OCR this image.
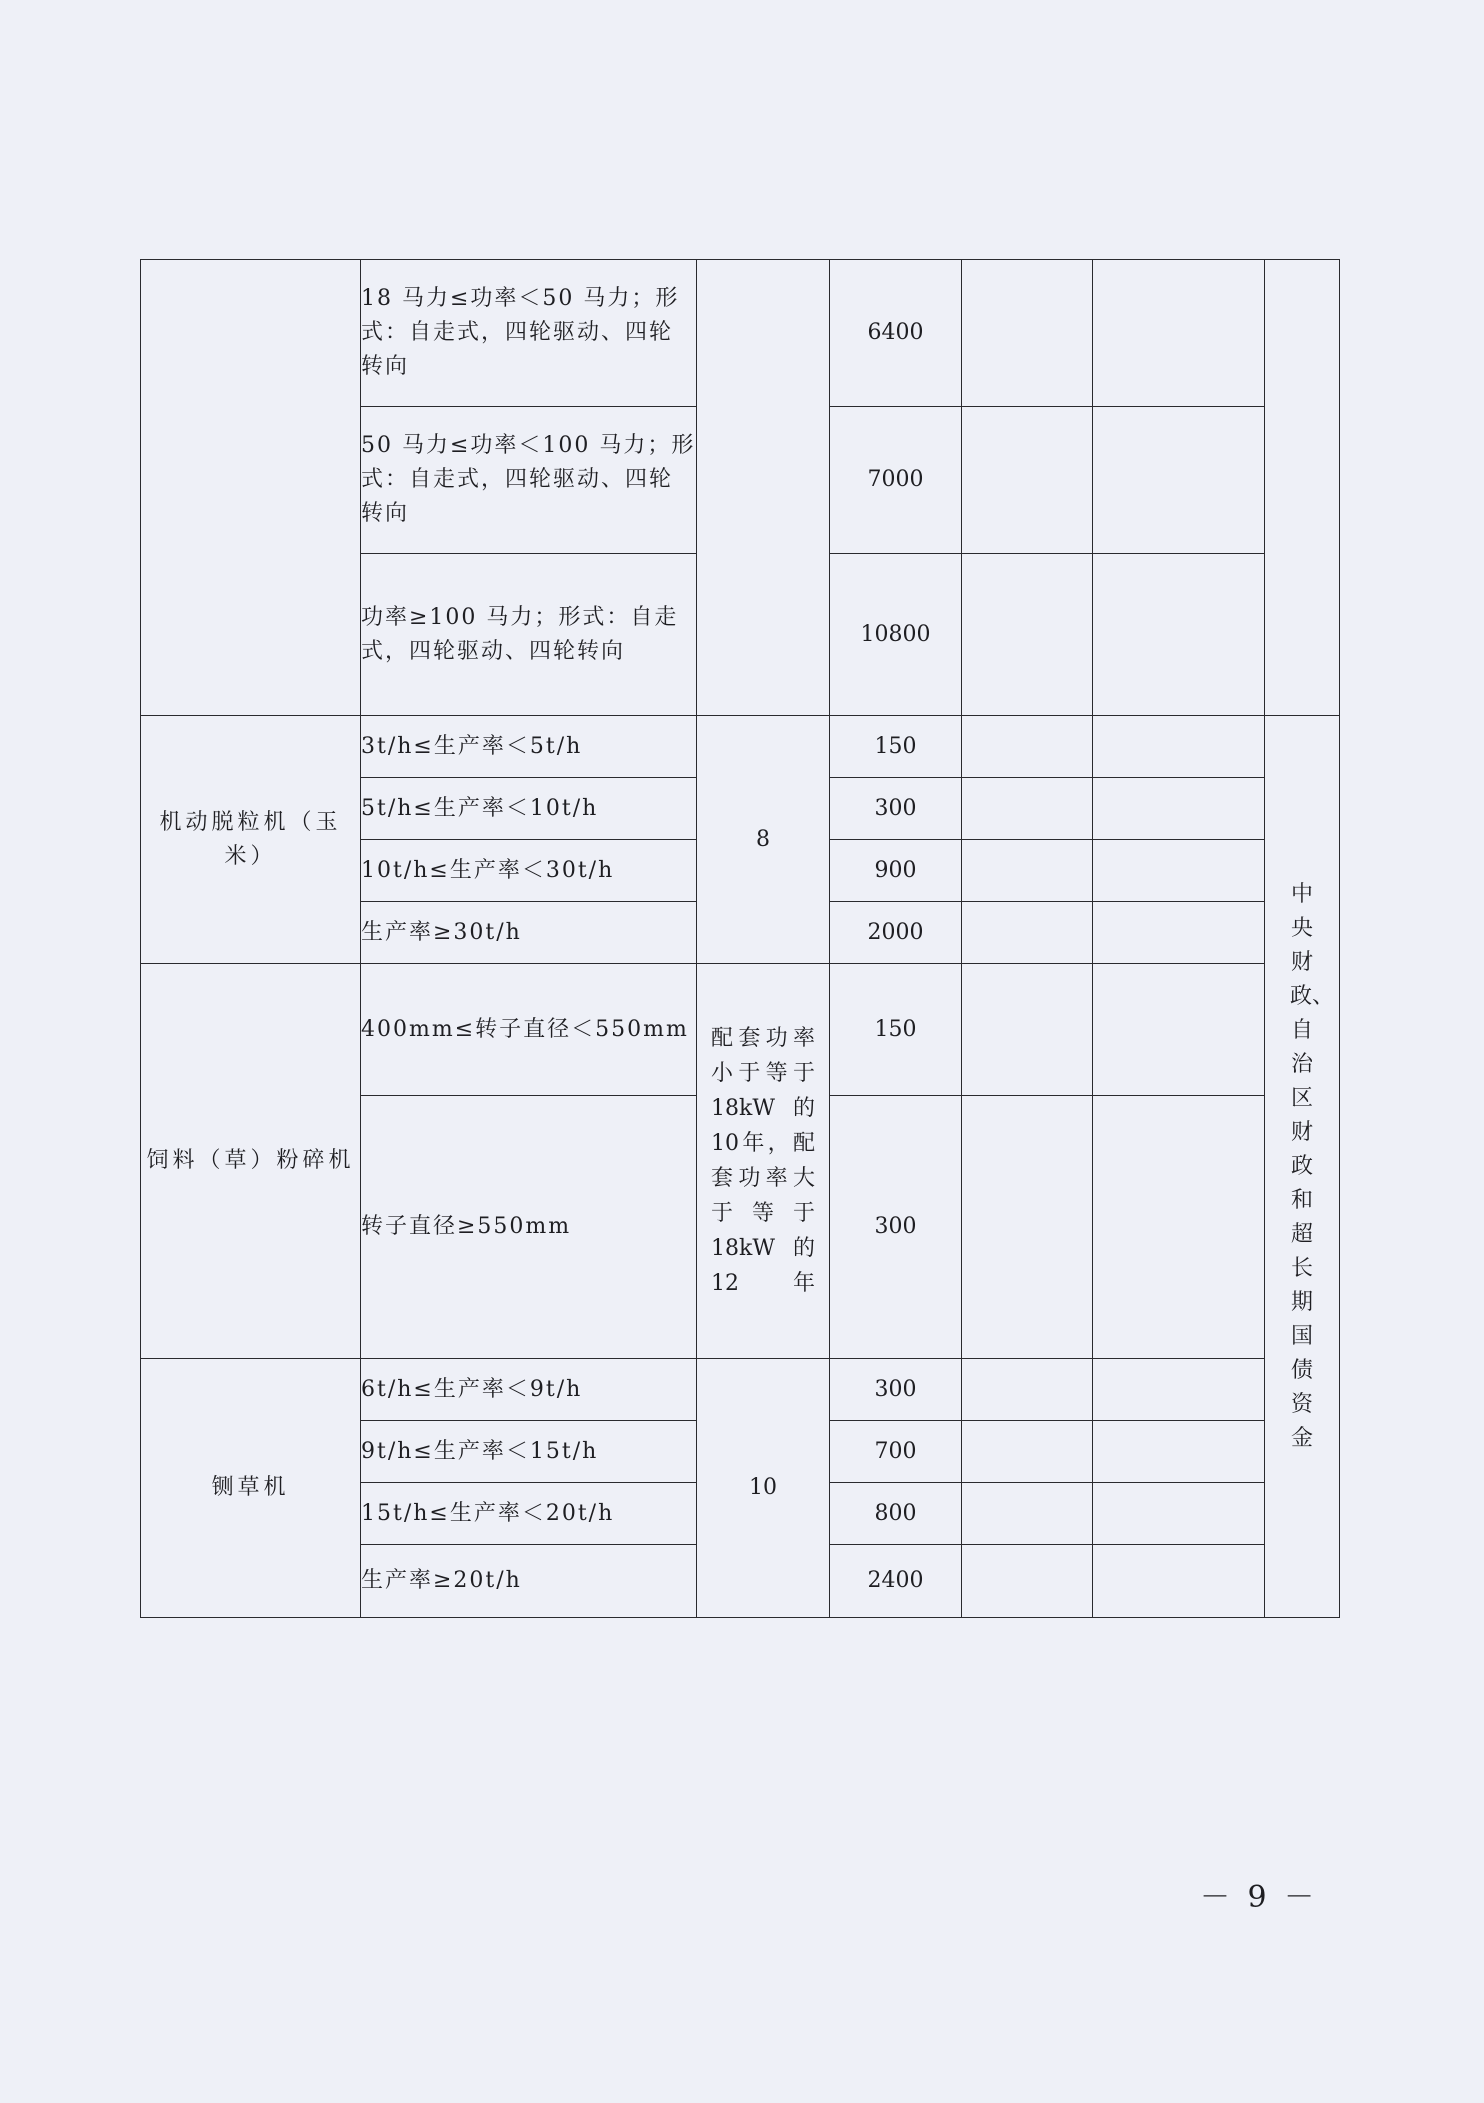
	18 马力≤功率＜50 马力；形式：自走式，四轮驱动、四轮转向		6400			
	50 马力≤功率＜100 马力；形式：自走式，四轮驱动、四轮转向		7000			
	功率≥100 马力；形式：自走式，四轮驱动、四轮转向		10800			
机动脱粒机（玉米）	3t/h≤生产率＜5t/h	8	150			中央财政、自治区财政和超长期国债资金
	5t/h≤生产率＜10t/h		300			
	10t/h≤生产率＜30t/h		900			
	生产率≥30t/h		2000			
饲料（草）粉碎机	400mm≤转子直径＜550mm	配套功率小于等于18kW的10年，配套功率大于等于18kW的12年	150			
	转子直径≥550mm		300			
铡草机	6t/h≤生产率＜9t/h	10	300			
	9t/h≤生产率＜15t/h		700			
	15t/h≤生产率＜20t/h		800			
	生产率≥20t/h		2400			
－ 9 －
